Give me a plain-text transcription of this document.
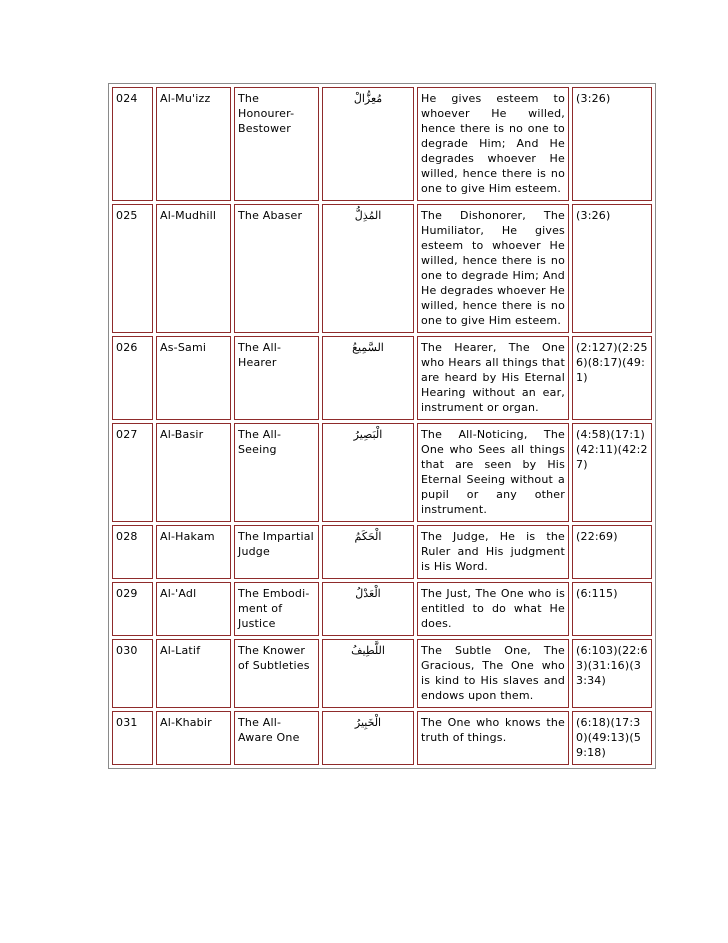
024	Al-Mu'izz	The Honourer-Bestower	مُعِزُّالْ	He gives esteem to whoever He willed, hence there is no one to degrade Him; And He degrades whoever He willed, hence there is no one to give Him esteem.	(3:26)
025	Al-Mudhill	The Abaser	المُذِلُّ	The Dishonorer, The Humiliator, He gives esteem to whoever He willed, hence there is no one to degrade Him; And He degrades whoever He willed, hence there is no one to give Him esteem.	(3:26)
026	As-Sami	The All-Hearer	السَّمِيعُ	The Hearer, The One who Hears all things that are heard by His Eternal Hearing without an ear, instrument or organ.	(2:127)(2:256)(8:17)(49:1)
027	Al-Basir	The All-Seeing	الْبَصِيرُ	The All-Noticing, The One who Sees all things that are seen by His Eternal Seeing without a pupil or any other instrument.	(4:58)(17:1)(42:11)(42:27)
028	Al-Hakam	The Impartial Judge	الْحَكَمُ	The Judge, He is the Ruler and His judgment is His Word.	(22:69)
029	Al-'Adl	The Embodi-ment of Justice	الْعَدْلُ	The Just, The One who is entitled to do what He does.	(6:115)
030	Al-Latif	The Knower of Subtleties	اللَّطِيفُ	The Subtle One, The Gracious, The One who is kind to His slaves and endows upon them.	(6:103)(22:63)(31:16)(33:34)
031	Al-Khabir	The All-Aware One	الْخَبِيرُ	The One who knows the truth of things.	(6:18)(17:30)(49:13)(59:18)
